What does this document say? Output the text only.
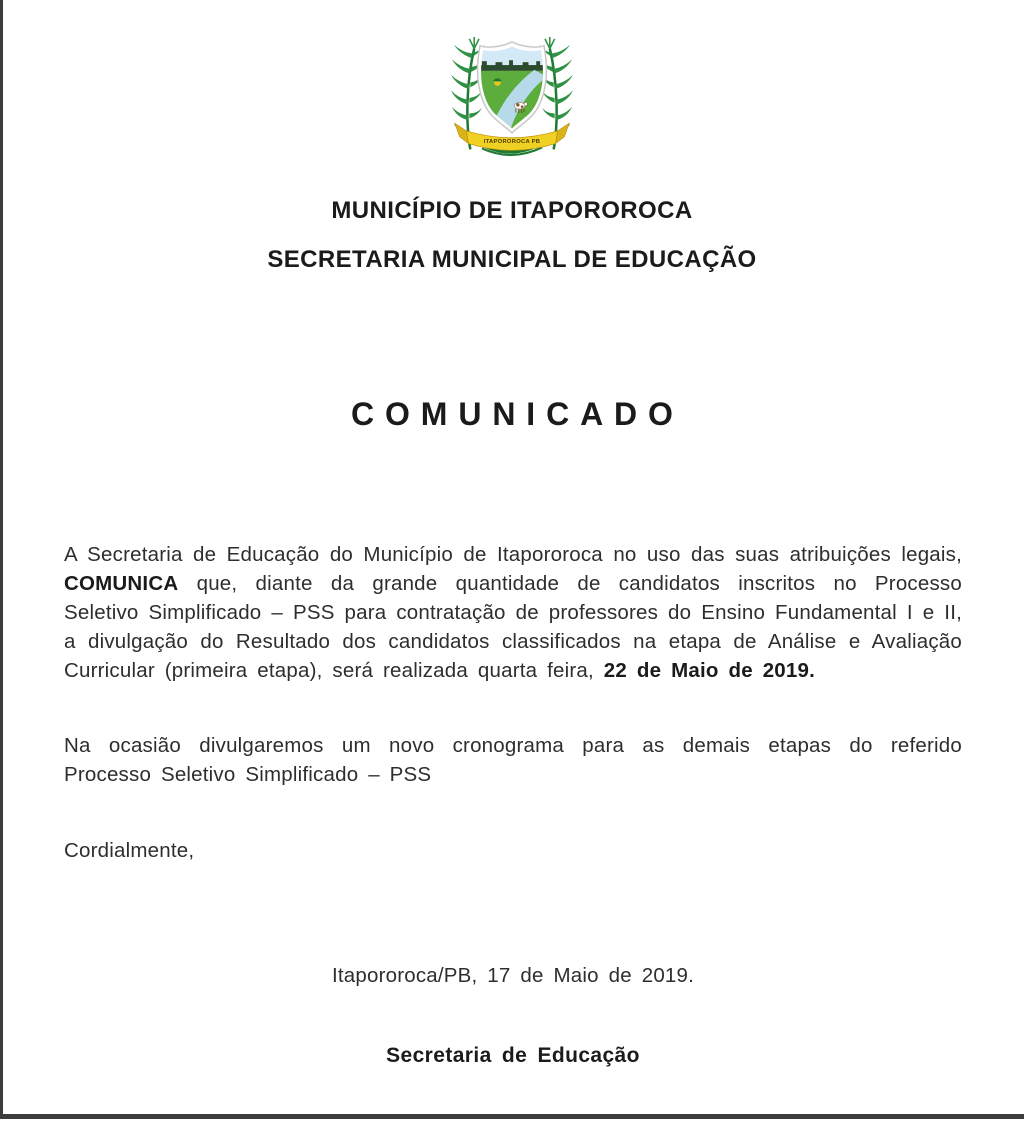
ITAPOROROCA PB
MUNICÍPIO DE ITAPOROROCA
SECRETARIA MUNICIPAL DE EDUCAÇÃO
COMUNICADO

A Secretaria de Educação do Município de Itapororoca no uso das suas atribuições legais, COMUNICA que, diante da grande quantidade de candidatos inscritos no Processo Seletivo Simplificado – PSS para contratação de professores do Ensino Fundamental I e II, a divulgação do Resultado dos candidatos classificados na etapa de Análise e Avaliação Curricular (primeira etapa), será realizada quarta feira, 22 de Maio de 2019.

Na ocasião divulgaremos um novo cronograma para as demais etapas do referido Processo Seletivo Simplificado – PSS

Cordialmente,

Itapororoca/PB, 17 de Maio de 2019.

Secretaria de Educação
